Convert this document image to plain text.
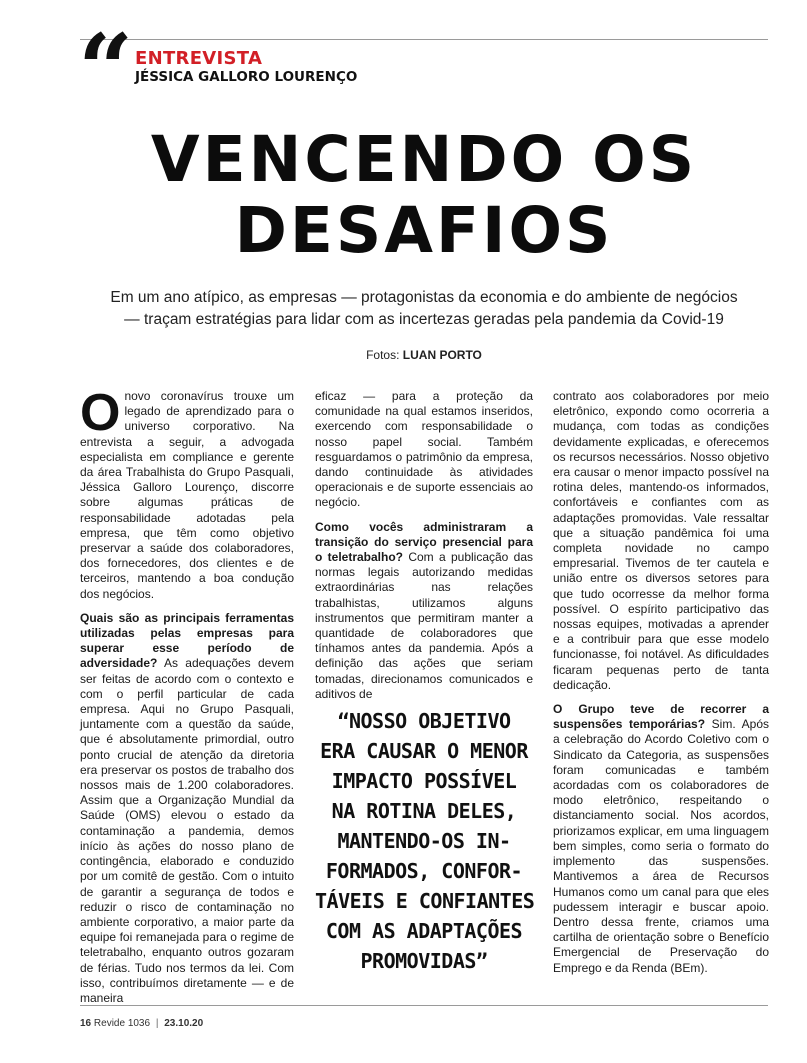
“ ENTREVISTA
JÉSSICA GALLORO LOURENÇO
VENCENDO OS
DESAFIOS
Em um ano atípico, as empresas — protagonistas da economia e do ambiente de negócios
— traçam estratégias para lidar com as incertezas geradas pela pandemia da Covid-19
Fotos: LUAN PORTO

Onovo coronavírus trouxe um legado de aprendizado para o universo corporativo. Na entrevista a seguir, a advogada especialista em compliance e gerente da área Trabalhista do Grupo Pasquali, Jéssica Galloro Lourenço, discorre sobre algumas práticas de responsabilidade adotadas pela empresa, que têm como objetivo preservar a saúde dos colaboradores, dos fornecedores, dos clientes e de terceiros, mantendo a boa condução dos negócios.

Quais são as principais ferramentas utilizadas pelas empresas para superar esse período de adversidade? As adequações devem ser feitas de acordo com o contexto e com o perfil particular de cada empresa. Aqui no Grupo Pasquali, juntamente com a questão da saúde, que é absolutamente primordial, outro ponto crucial de atenção da diretoria era preservar os postos de trabalho dos nossos mais de 1.200 colaboradores. Assim que a Organização Mundial da Saúde (OMS) elevou o estado da contaminação a pandemia, demos início às ações do nosso plano de contingência, elaborado e conduzido por um comitê de gestão. Com o intuito de garantir a segurança de todos e reduzir o risco de contaminação no ambiente corporativo, a maior parte da equipe foi remanejada para o regime de teletrabalho, enquanto outros gozaram de férias. Tudo nos termos da lei. Com isso, contribuímos diretamente — e de maneira

eficaz — para a proteção da comunidade na qual estamos inseridos, exercendo com responsabilidade o nosso papel social. Também resguardamos o patrimônio da empresa, dando continuidade às atividades operacionais e de suporte essenciais ao negócio.

Como vocês administraram a transição do serviço presencial para o teletrabalho? Com a publicação das normas legais autorizando medidas extraordinárias nas relações trabalhistas, utilizamos alguns instrumentos que permitiram manter a quantidade de colaboradores que tínhamos antes da pandemia. Após a definição das ações que seriam tomadas, direcionamos comunicados e aditivos de

“NOSSO OBJETIVO
ERA CAUSAR O MENOR
IMPACTO POSSÍVEL
NA ROTINA DELES,
MANTENDO-OS IN-
FORMADOS, CONFOR-
TÁVEIS E CONFIANTES
COM AS ADAPTAÇÕES
PROMOVIDAS”

contrato aos colaboradores por meio eletrônico, expondo como ocorreria a mudança, com todas as condições devidamente explicadas, e oferecemos os recursos necessários. Nosso objetivo era causar o menor impacto possível na rotina deles, mantendo-os informados, confortáveis e confiantes com as adaptações promovidas. Vale ressaltar que a situação pandêmica foi uma completa novidade no campo empresarial. Tivemos de ter cautela e união entre os diversos setores para que tudo ocorresse da melhor forma possível. O espírito participativo das nossas equipes, motivadas a aprender e a contribuir para que esse modelo funcionasse, foi notável. As dificuldades ficaram pequenas perto de tanta dedicação.

O Grupo teve de recorrer a suspensões temporárias? Sim. Após a celebração do Acordo Coletivo com o Sindicato da Categoria, as suspensões foram comunicadas e também acordadas com os colaboradores de modo eletrônico, respeitando o distanciamento social. Nos acordos, priorizamos explicar, em uma linguagem bem simples, como seria o formato do implemento das suspensões. Mantivemos a área de Recursos Humanos como um canal para que eles pudessem interagir e buscar apoio. Dentro dessa frente, criamos uma cartilha de orientação sobre o Benefício Emergencial de Preservação do Emprego e da Renda (BEm).

16 Revide 1036 | 23.10.20
